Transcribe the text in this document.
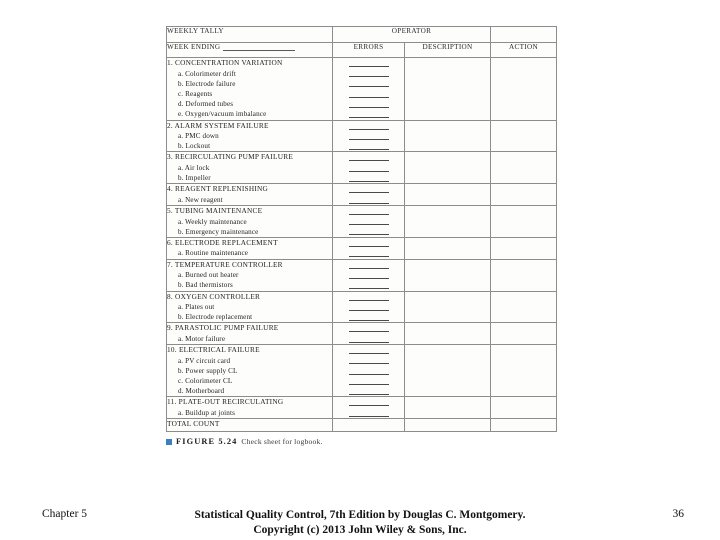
WEEKLY TALLY	OPERATOR		
WEEK ENDING	ERRORS	DESCRIPTION	ACTION

1. CONCENTRATION VARIATION
a. Colorimeter drift
b. Electrode failure
c. Reagents
d. Deformed tubes
e. Oxygen/vacuum imbalance

2. ALARM SYSTEM FAILURE
a. PMC down
b. Lockout			

3. RECIRCULATING PUMP FAILURE
a. Air lock
b. Impeller			

4. REAGENT REPLENISHING
a. New reagent			

5. TUBING MAINTENANCE
a. Weekly maintenance
b. Emergency maintenance			

6. ELECTRODE REPLACEMENT
a. Routine maintenance			

7. TEMPERATURE CONTROLLER
a. Burned out heater
b. Bad thermistors			

8. OXYGEN CONTROLLER
a. Plates out
b. Electrode replacement			

9. PARASTOLIC PUMP FAILURE
a. Motor failure			

10. ELECTRICAL FAILURE
a. PV circuit card
b. Power supply CL
c. Colorimeter CL
d. Motherboard			

11. PLATE-OUT RECIRCULATING
a. Buildup at joints			

TOTAL COUNT			
FIGURE 5.24 Check sheet for logbook.
Chapter 5	Statistical Quality Control, 7th Edition by Douglas C. Montgomery.
Copyright (c) 2013 John Wiley & Sons, Inc.
36
